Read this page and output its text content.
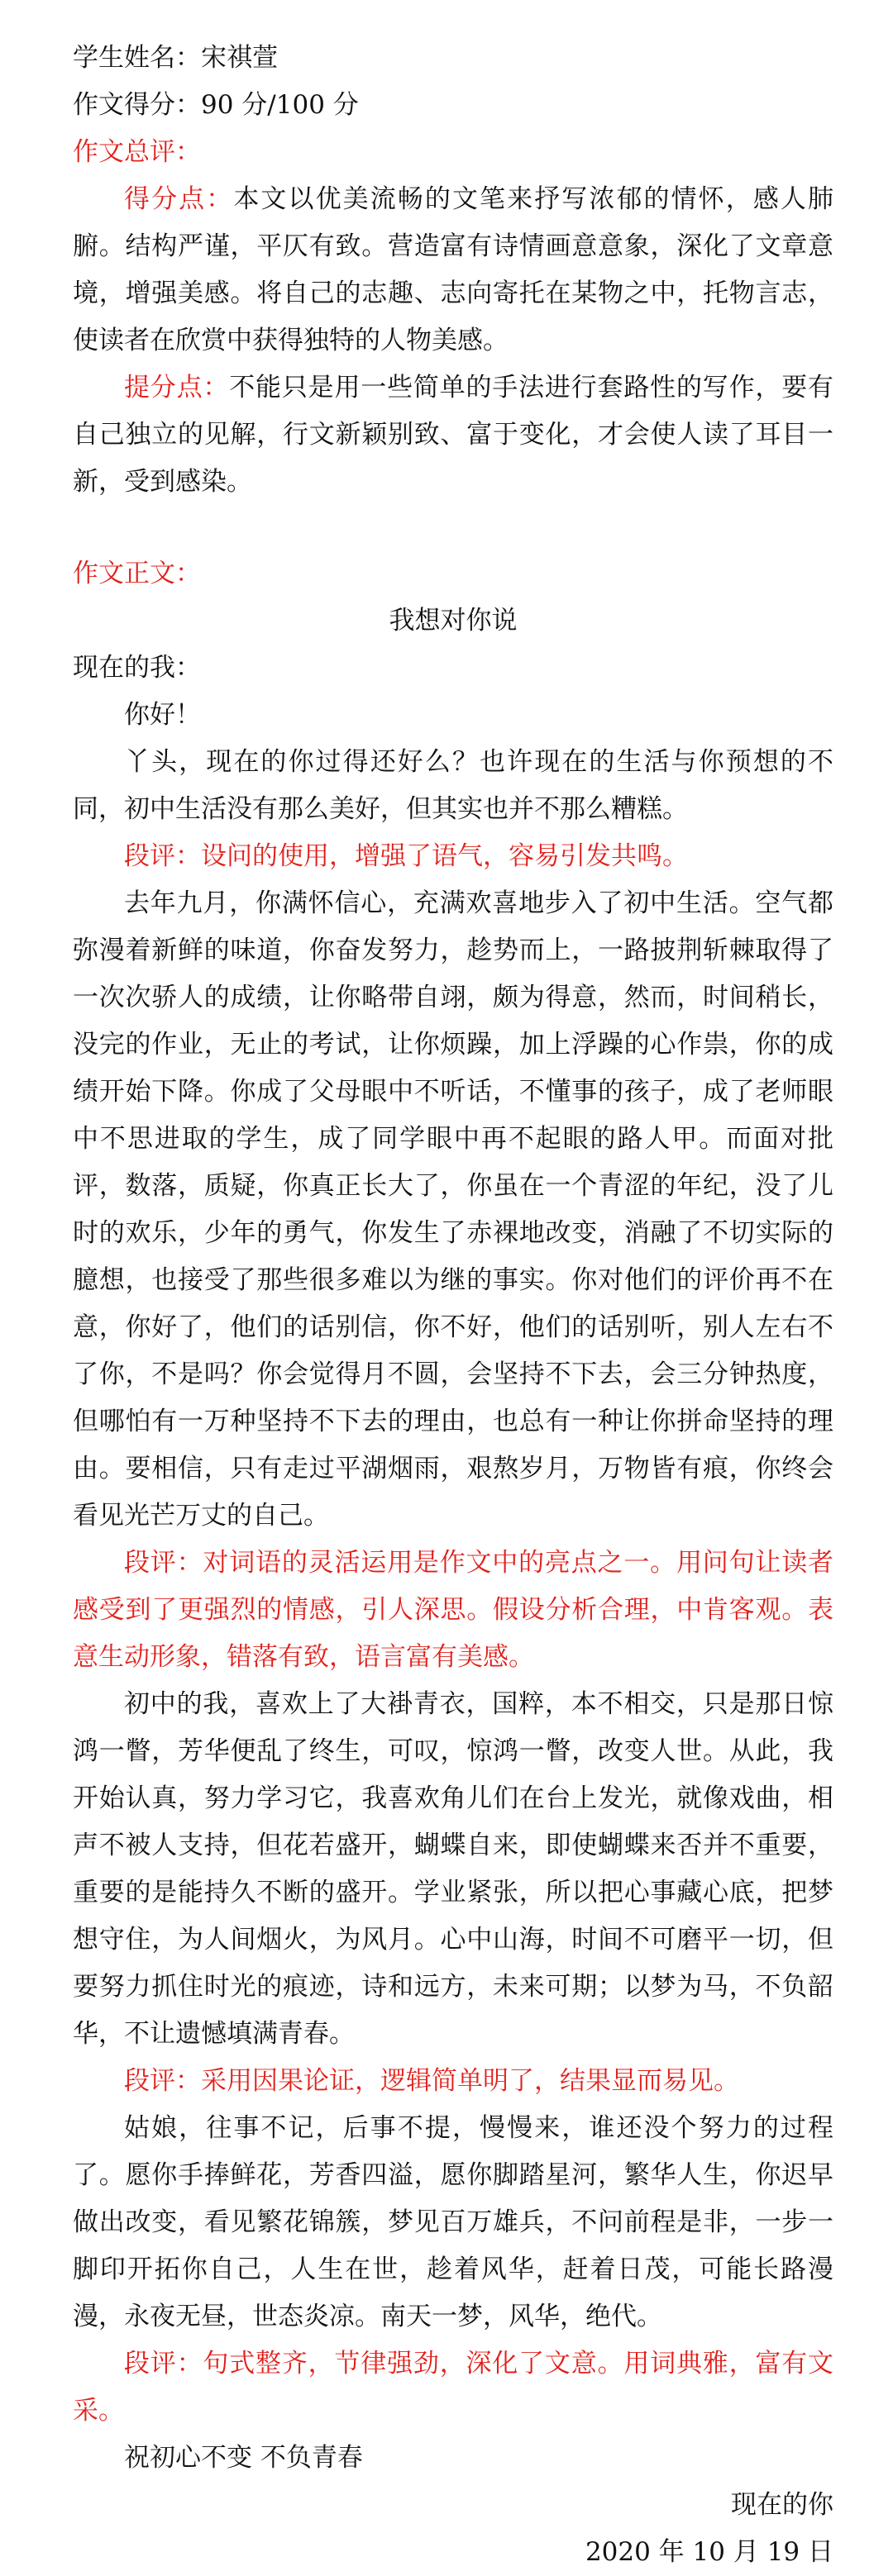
学生姓名：宋祺萱

作文得分：90 分/100 分

作文总评：

得分点：本文以优美流畅的文笔来抒写浓郁的情怀，感人肺腑。结构严谨，平仄有致。营造富有诗情画意意象，深化了文章意境，增强美感。将自己的志趣、志向寄托在某物之中，托物言志，使读者在欣赏中获得独特的人物美感。

提分点：不能只是用一些简单的手法进行套路性的写作，要有自己独立的见解，行文新颖别致、富于变化，才会使人读了耳目一新，受到感染。

作文正文：

我想对你说

现在的我：

你好！

丫头，现在的你过得还好么？也许现在的生活与你预想的不同，初中生活没有那么美好，但其实也并不那么糟糕。

段评：设问的使用，增强了语气，容易引发共鸣。

去年九月，你满怀信心，充满欢喜地步入了初中生活。空气都弥漫着新鲜的味道，你奋发努力，趁势而上，一路披荆斩棘取得了一次次骄人的成绩，让你略带自翊，颇为得意，然而，时间稍长，没完的作业，无止的考试，让你烦躁，加上浮躁的心作祟，你的成绩开始下降。你成了父母眼中不听话，不懂事的孩子，成了老师眼中不思进取的学生，成了同学眼中再不起眼的路人甲。而面对批评，数落，质疑，你真正长大了，你虽在一个青涩的年纪，没了儿时的欢乐，少年的勇气，你发生了赤裸地改变，消融了不切实际的臆想，也接受了那些很多难以为继的事实。你对他们的评价再不在意，你好了，他们的话别信，你不好，他们的话别听，别人左右不了你，不是吗？你会觉得月不圆，会坚持不下去，会三分钟热度，但哪怕有一万种坚持不下去的理由，也总有一种让你拼命坚持的理由。要相信，只有走过平湖烟雨，艰熬岁月，万物皆有痕，你终会看见光芒万丈的自己。

段评：对词语的灵活运用是作文中的亮点之一。用问句让读者感受到了更强烈的情感，引人深思。假设分析合理，中肯客观。表意生动形象，错落有致，语言富有美感。

初中的我，喜欢上了大褂青衣，国粹，本不相交，只是那日惊鸿一瞥，芳华便乱了终生，可叹，惊鸿一瞥，改变人世。从此，我开始认真，努力学习它，我喜欢角儿们在台上发光，就像戏曲，相声不被人支持，但花若盛开，蝴蝶自来，即使蝴蝶来否并不重要，重要的是能持久不断的盛开。学业紧张，所以把心事藏心底，把梦想守住，为人间烟火，为风月。心中山海，时间不可磨平一切，但要努力抓住时光的痕迹，诗和远方，未来可期；以梦为马，不负韶华，不让遗憾填满青春。

段评：采用因果论证，逻辑简单明了，结果显而易见。

姑娘，往事不记，后事不提，慢慢来，谁还没个努力的过程了。愿你手捧鲜花，芳香四溢，愿你脚踏星河，繁华人生，你迟早做出改变，看见繁花锦簇，梦见百万雄兵，不问前程是非，一步一脚印开拓你自己，人生在世，趁着风华，赶着日茂，可能长路漫漫，永夜无昼，世态炎凉。南天一梦，风华，绝代。

段评：句式整齐，节律强劲，深化了文意。用词典雅，富有文采。

祝初心不变 不负青春

现在的你

2020 年 10 月 19 日
